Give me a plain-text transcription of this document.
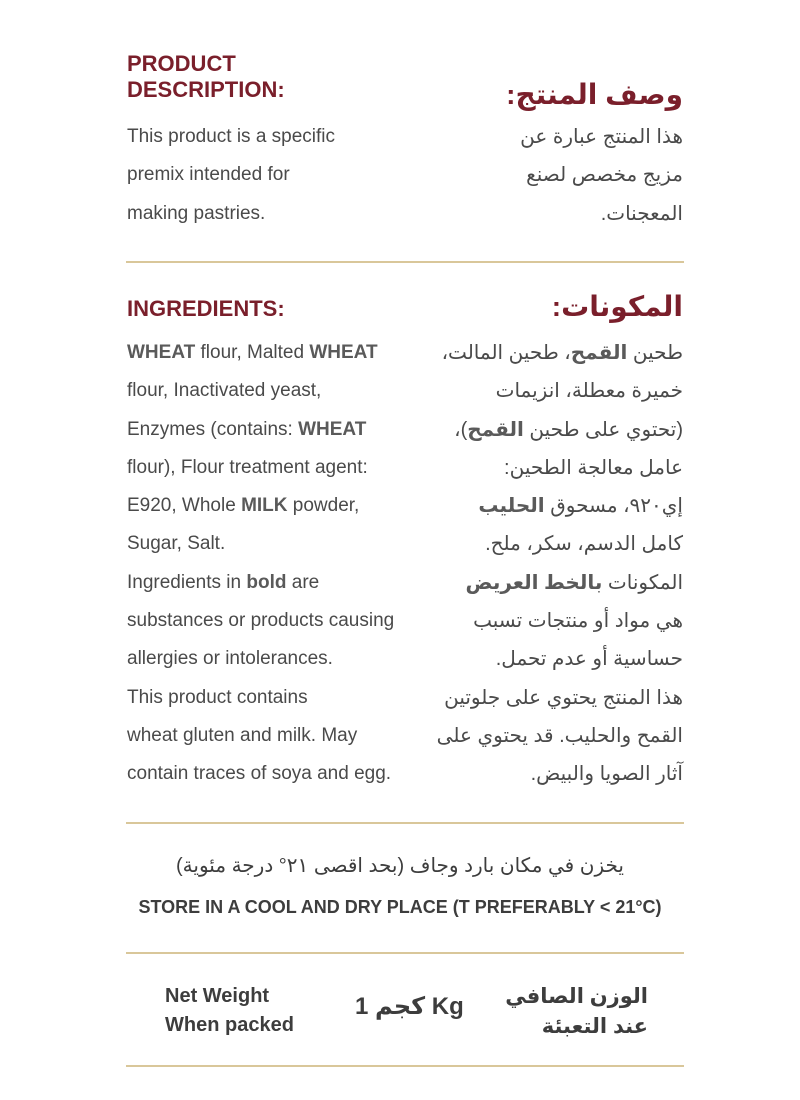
PRODUCT
DESCRIPTION:	وصف المنتج:
This product is a specific
premix intended for
making pastries.
هذا المنتج عبارة عن
مزيج مخصص لصنع
المعجنات.
INGREDIENTS:	المكونات:
WHEAT flour, Malted WHEAT
flour, Inactivated yeast,
Enzymes (contains: WHEAT
flour), Flour treatment agent:
E920, Whole MILK powder,
Sugar, Salt.
Ingredients in bold are
substances or products causing
allergies or intolerances.
This product contains
wheat gluten and milk. May
contain traces of soya and egg.
طحين القمح، طحين المالت،
خميرة معطلة، انزيمات
(تحتوي على طحين القمح)،
عامل معالجة الطحين:
إي٩٢٠، مسحوق الحليب
كامل الدسم، سكر، ملح.
المكونات بالخط العريض
هي مواد أو منتجات تسبب
حساسية أو عدم تحمل.
هذا المنتج يحتوي على جلوتين
القمح والحليب. قد يحتوي على
آثار الصويا والبيض.
يخزن في مكان بارد وجاف (بحد اقصى ٢١° درجة مئوية)
STORE IN A COOL AND DRY PLACE (T PREFERABLY < 21°C)
Net Weight
When packed
كجم 1 Kg الوزن الصافي
عند التعبئة
